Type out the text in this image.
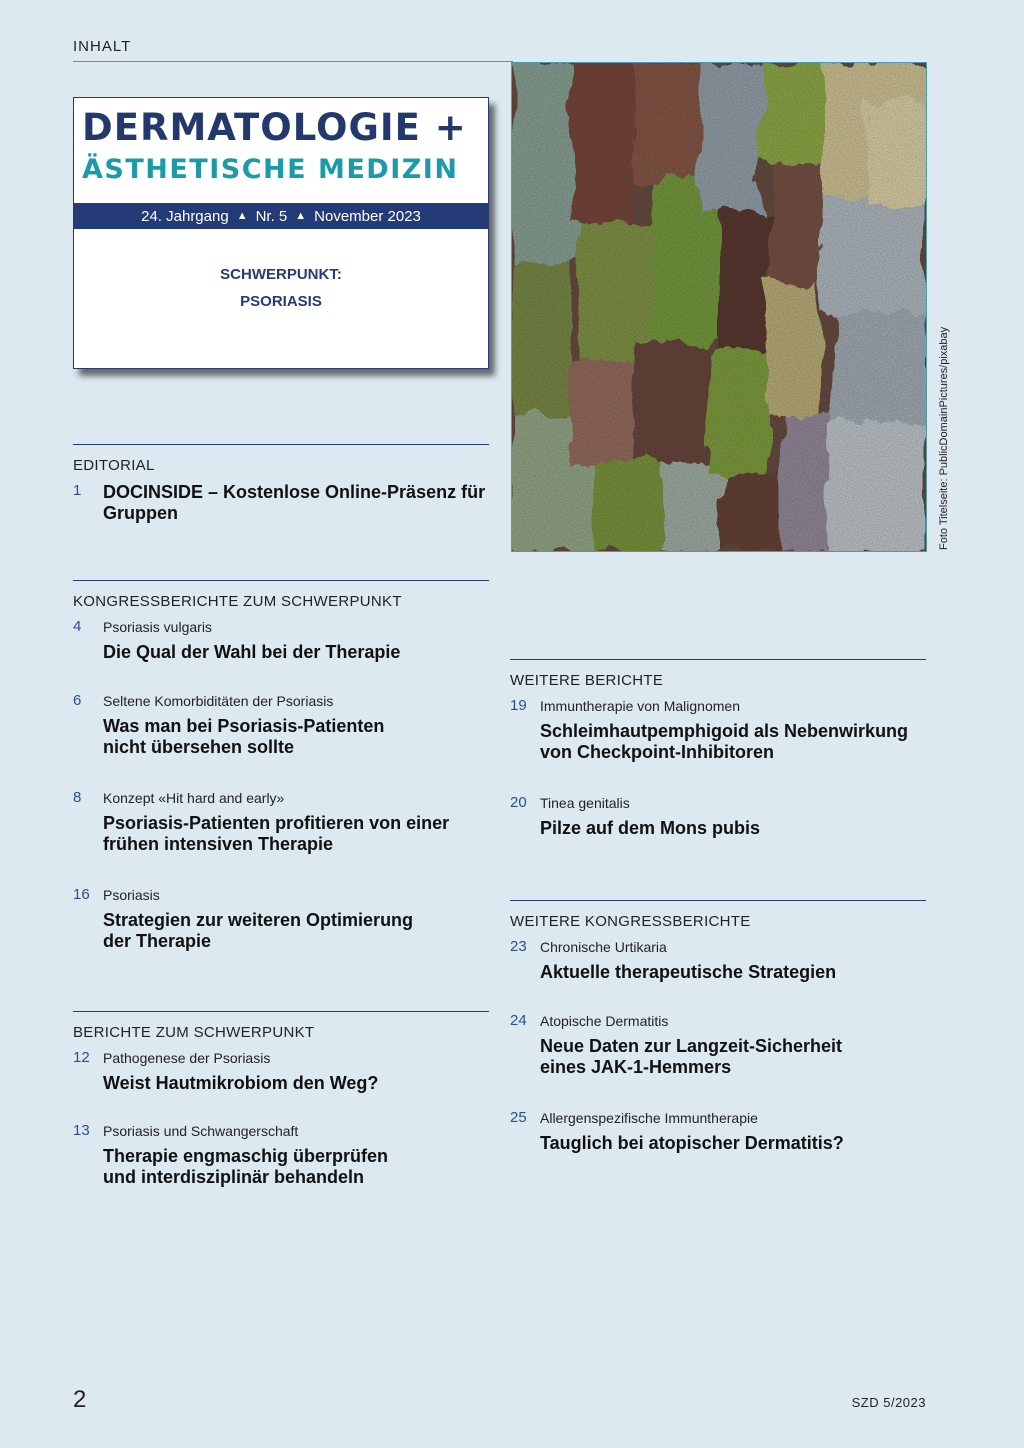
INHALT
DERMATOLOGIE +
ÄSTHETISCHE MEDIZIN
24. Jahrgang ▲ Nr. 5 ▲ November 2023
SCHWERPUNKT:
PSORIASIS
Foto Titelseite: PublicDomainPictures/pixabay
EDITORIAL
1 DOCINSIDE – Kostenlose Online-Präsenz für Gruppen
KONGRESSBERICHTE ZUM SCHWERPUNKT
4 Psoriasis vulgaris
Die Qual der Wahl bei der Therapie
6 Seltene Komorbiditäten der Psoriasis
Was man bei Psoriasis-Patienten nicht übersehen sollte
8 Konzept «Hit hard and early»
Psoriasis-Patienten profitieren von einer frühen intensiven Therapie
16 Psoriasis
Strategien zur weiteren Optimierung der Therapie
BERICHTE ZUM SCHWERPUNKT
12 Pathogenese der Psoriasis
Weist Hautmikrobiom den Weg?
13 Psoriasis und Schwangerschaft
Therapie engmaschig überprüfen und interdisziplinär behandeln
WEITERE BERICHTE
19 Immuntherapie von Malignomen
Schleimhautpemphigoid als Nebenwirkung von Checkpoint-Inhibitoren
20 Tinea genitalis
Pilze auf dem Mons pubis
WEITERE KONGRESSBERICHTE
23 Chronische Urtikaria
Aktuelle therapeutische Strategien
24 Atopische Dermatitis
Neue Daten zur Langzeit-Sicherheit eines JAK-1-Hemmers
25 Allergenspezifische Immuntherapie
Tauglich bei atopischer Dermatitis?
2	SZD 5/2023
